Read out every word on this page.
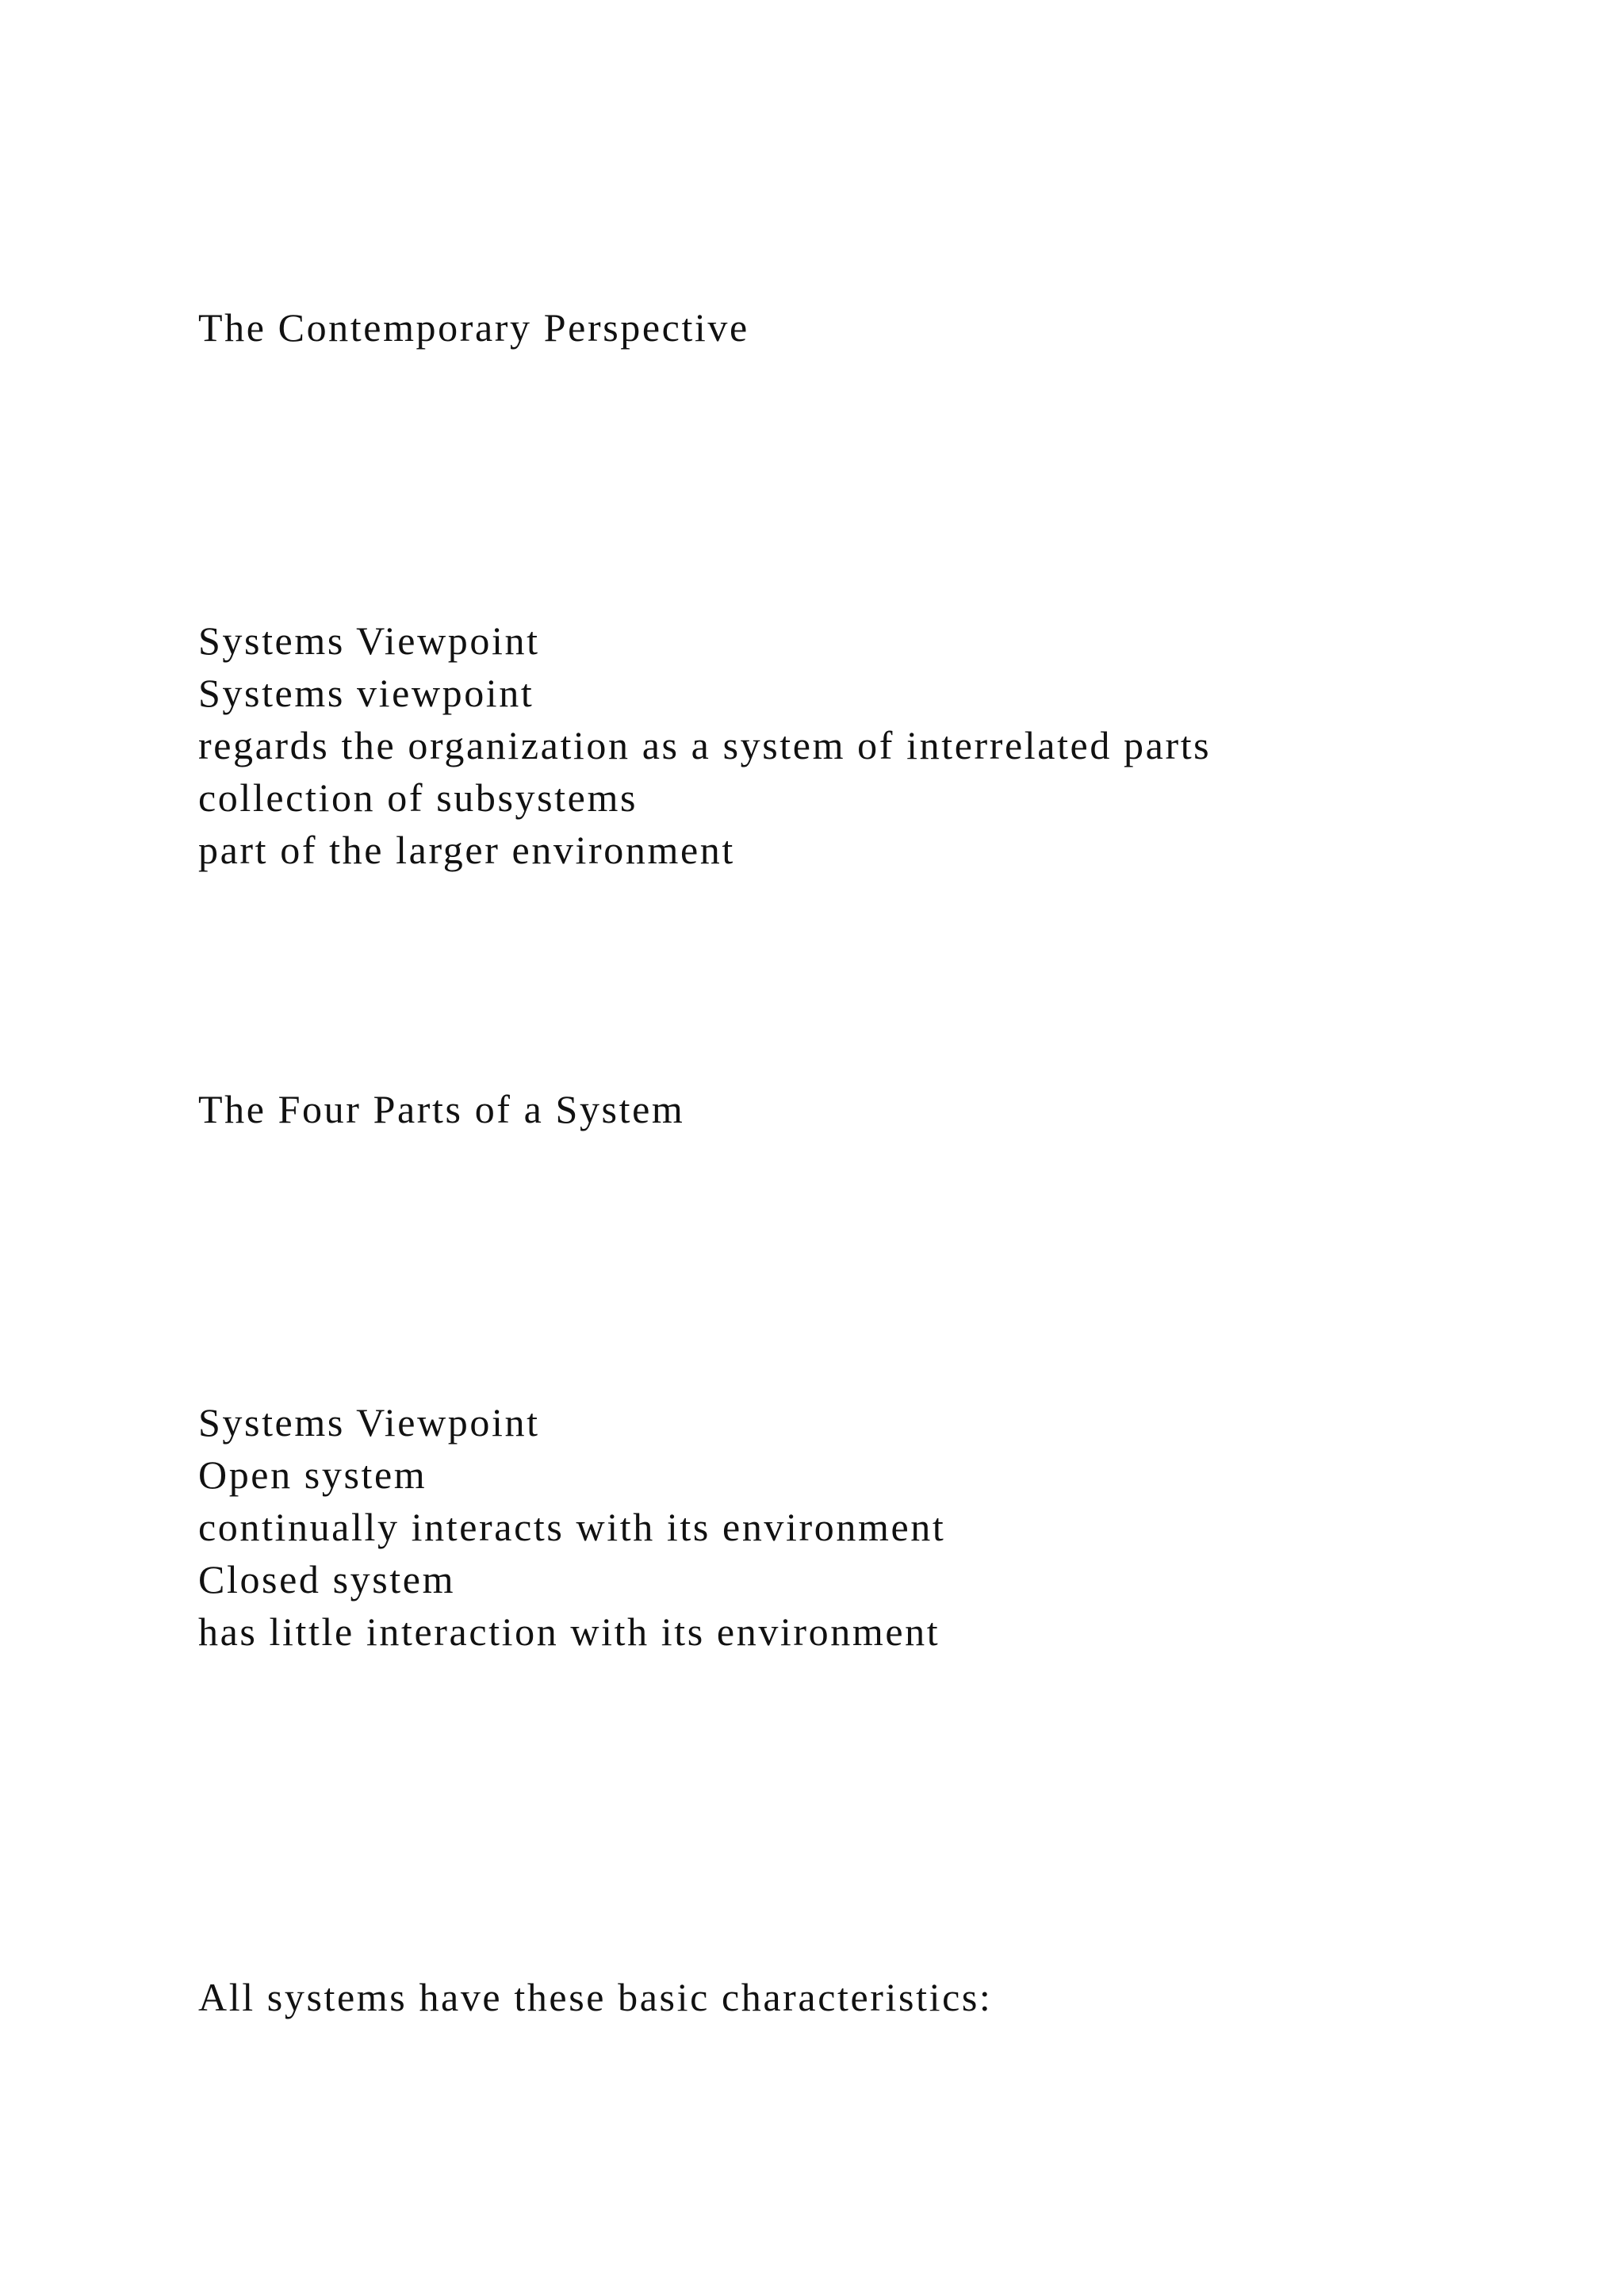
The Contemporary Perspective

Systems Viewpoint

Systems viewpoint

regards the organization as a system of interrelated parts

collection of subsystems

part of the larger environment

The Four Parts of a System

Systems Viewpoint

Open system

continually interacts with its environment

Closed system

has little interaction with its environment

All systems have these basic characteristics:
